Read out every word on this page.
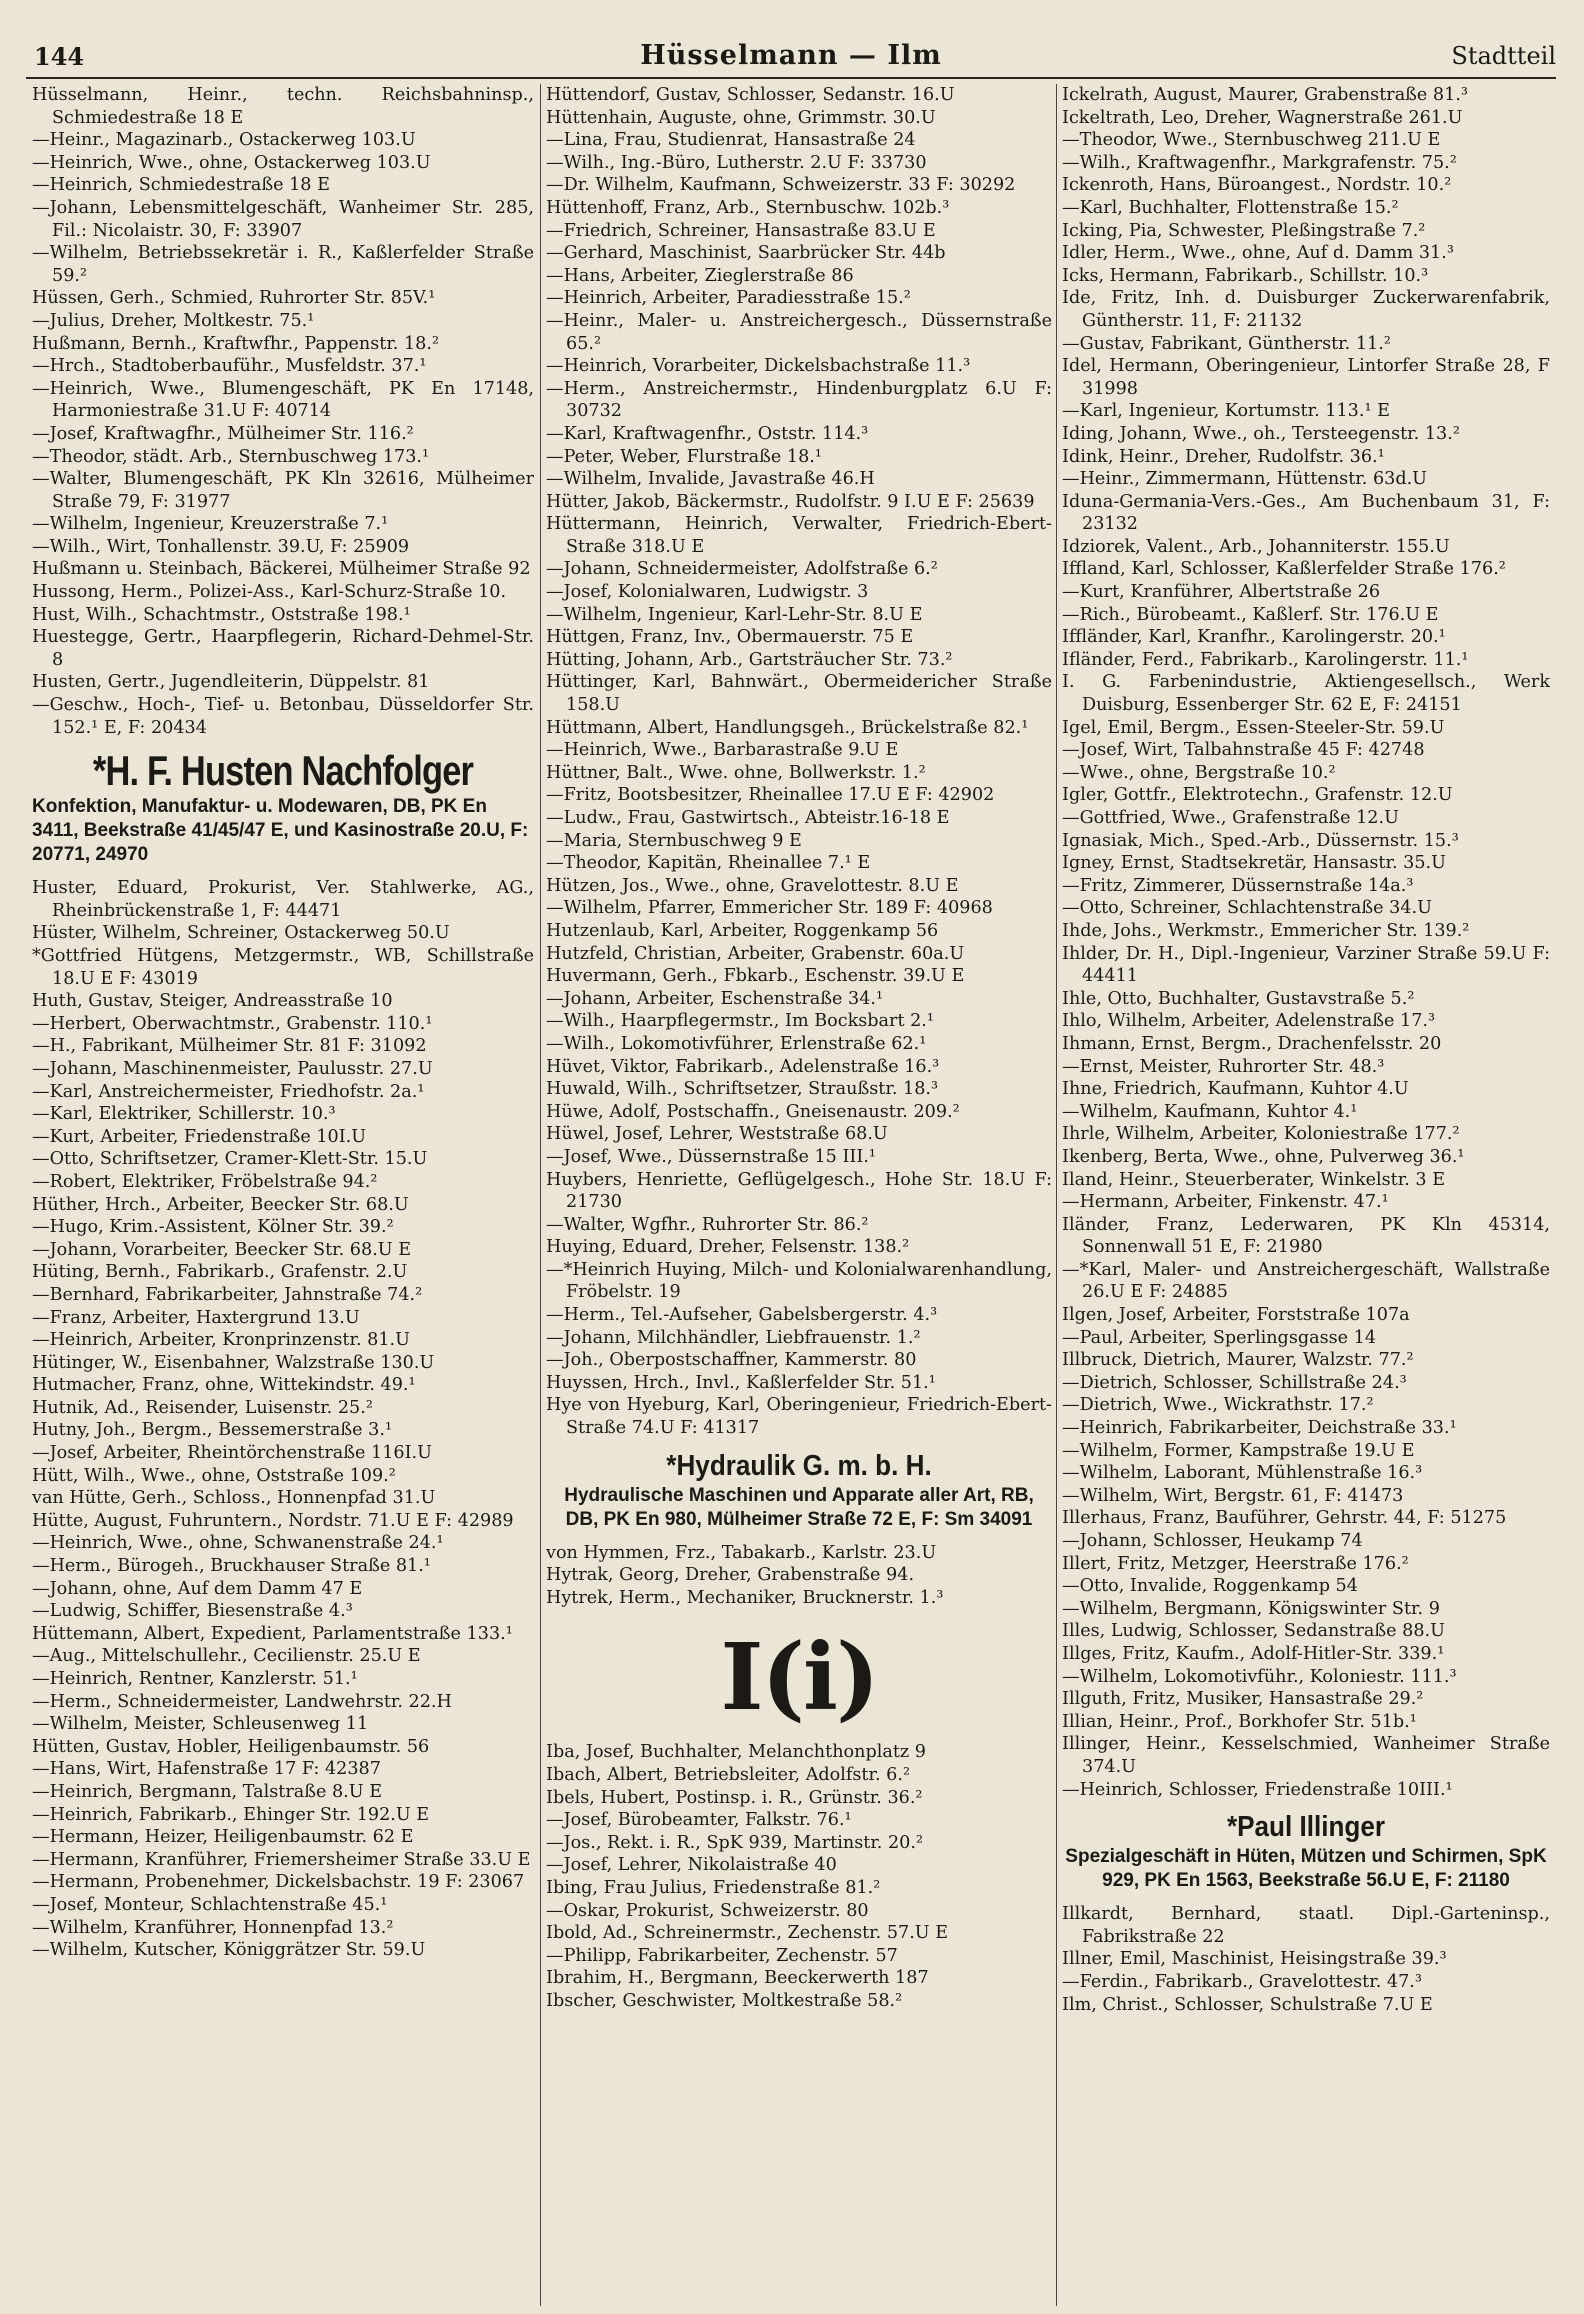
144	Hüsselmann — Ilm	Stadtteil

Hüsselmann, Heinr., techn. Reichsbahninsp., Schmiedestraße 18 E

—Heinr., Magazinarb., Ostackerweg 103.U

—Heinrich, Wwe., ohne, Ostackerweg 103.U

—Heinrich, Schmiedestraße 18 E

—Johann, Lebensmittelgeschäft, Wanheimer Str. 285, Fil.: Nicolaistr. 30, F: 33907

—Wilhelm, Betriebssekretär i. R., Kaßlerfelder Straße 59.²

Hüssen, Gerh., Schmied, Ruhrorter Str. 85V.¹

—Julius, Dreher, Moltkestr. 75.¹

Hußmann, Bernh., Kraftwfhr., Pappenstr. 18.²

—Hrch., Stadtoberbauführ., Musfeldstr. 37.¹

—Heinrich, Wwe., Blumengeschäft, PK En 17148, Harmoniestraße 31.U F: 40714

—Josef, Kraftwagfhr., Mülheimer Str. 116.²

—Theodor, städt. Arb., Sternbuschweg 173.¹

—Walter, Blumengeschäft, PK Kln 32616, Mülheimer Straße 79, F: 31977

—Wilhelm, Ingenieur, Kreuzerstraße 7.¹

—Wilh., Wirt, Tonhallenstr. 39.U, F: 25909

Hußmann u. Steinbach, Bäckerei, Mülheimer Straße 92

Hussong, Herm., Polizei-Ass., Karl-Schurz-Straße 10.

Hust, Wilh., Schachtmstr., Oststraße 198.¹

Huestegge, Gertr., Haarpflegerin, Richard-Dehmel-Str. 8

Husten, Gertr., Jugendleiterin, Düppelstr. 81

—Geschw., Hoch-, Tief- u. Betonbau, Düsseldorfer Str. 152.¹ E, F: 20434

*H. F. Husten Nachfolger
Konfektion, Manufaktur- u. Modewaren, DB, PK En 3411, Beekstraße 41/45/47 E, und Kasinostraße 20.U, F: 20771, 24970

Huster, Eduard, Prokurist, Ver. Stahlwerke, AG., Rheinbrückenstraße 1, F: 44471

Hüster, Wilhelm, Schreiner, Ostackerweg 50.U

*Gottfried Hütgens, Metzgermstr., WB, Schillstraße 18.U E F: 43019

Huth, Gustav, Steiger, Andreasstraße 10

—Herbert, Oberwachtmstr., Grabenstr. 110.¹

—H., Fabrikant, Mülheimer Str. 81 F: 31092

—Johann, Maschinenmeister, Paulusstr. 27.U

—Karl, Anstreichermeister, Friedhofstr. 2a.¹

—Karl, Elektriker, Schillerstr. 10.³

—Kurt, Arbeiter, Friedenstraße 10I.U

—Otto, Schriftsetzer, Cramer-Klett-Str. 15.U

—Robert, Elektriker, Fröbelstraße 94.²

Hüther, Hrch., Arbeiter, Beecker Str. 68.U

—Hugo, Krim.-Assistent, Kölner Str. 39.²

—Johann, Vorarbeiter, Beecker Str. 68.U E

Hüting, Bernh., Fabrikarb., Grafenstr. 2.U

—Bernhard, Fabrikarbeiter, Jahnstraße 74.²

—Franz, Arbeiter, Haxtergrund 13.U

—Heinrich, Arbeiter, Kronprinzenstr. 81.U

Hütinger, W., Eisenbahner, Walzstraße 130.U

Hutmacher, Franz, ohne, Wittekindstr. 49.¹

Hutnik, Ad., Reisender, Luisenstr. 25.²

Hutny, Joh., Bergm., Bessemerstraße 3.¹

—Josef, Arbeiter, Rheintörchenstraße 116I.U

Hütt, Wilh., Wwe., ohne, Oststraße 109.²

van Hütte, Gerh., Schloss., Honnenpfad 31.U

Hütte, August, Fuhruntern., Nordstr. 71.U E F: 42989

—Heinrich, Wwe., ohne, Schwanenstraße 24.¹

—Herm., Bürogeh., Bruckhauser Straße 81.¹

—Johann, ohne, Auf dem Damm 47 E

—Ludwig, Schiffer, Biesenstraße 4.³

Hüttemann, Albert, Expedient, Parlamentstraße 133.¹

—Aug., Mittelschullehr., Cecilienstr. 25.U E

—Heinrich, Rentner, Kanzlerstr. 51.¹

—Herm., Schneidermeister, Landwehrstr. 22.H

—Wilhelm, Meister, Schleusenweg 11

Hütten, Gustav, Hobler, Heiligenbaumstr. 56

—Hans, Wirt, Hafenstraße 17 F: 42387

—Heinrich, Bergmann, Talstraße 8.U E

—Heinrich, Fabrikarb., Ehinger Str. 192.U E

—Hermann, Heizer, Heiligenbaumstr. 62 E

—Hermann, Kranführer, Friemersheimer Straße 33.U E

—Hermann, Probenehmer, Dickelsbachstr. 19 F: 23067

—Josef, Monteur, Schlachtenstraße 45.¹

—Wilhelm, Kranführer, Honnenpfad 13.²

—Wilhelm, Kutscher, Königgrätzer Str. 59.U

Hüttendorf, Gustav, Schlosser, Sedanstr. 16.U

Hüttenhain, Auguste, ohne, Grimmstr. 30.U

—Lina, Frau, Studienrat, Hansastraße 24

—Wilh., Ing.-Büro, Lutherstr. 2.U F: 33730

—Dr. Wilhelm, Kaufmann, Schweizerstr. 33 F: 30292

Hüttenhoff, Franz, Arb., Sternbuschw. 102b.³

—Friedrich, Schreiner, Hansastraße 83.U E

—Gerhard, Maschinist, Saarbrücker Str. 44b

—Hans, Arbeiter, Zieglerstraße 86

—Heinrich, Arbeiter, Paradiesstraße 15.²

—Heinr., Maler- u. Anstreichergesch., Düssernstraße 65.²

—Heinrich, Vorarbeiter, Dickelsbachstraße 11.³

—Herm., Anstreichermstr., Hindenburgplatz 6.U F: 30732

—Karl, Kraftwagenfhr., Oststr. 114.³

—Peter, Weber, Flurstraße 18.¹

—Wilhelm, Invalide, Javastraße 46.H

Hütter, Jakob, Bäckermstr., Rudolfstr. 9 I.U E F: 25639

Hüttermann, Heinrich, Verwalter, Friedrich-Ebert-Straße 318.U E

—Johann, Schneidermeister, Adolfstraße 6.²

—Josef, Kolonialwaren, Ludwigstr. 3

—Wilhelm, Ingenieur, Karl-Lehr-Str. 8.U E

Hüttgen, Franz, Inv., Obermauerstr. 75 E

Hütting, Johann, Arb., Gartsträucher Str. 73.²

Hüttinger, Karl, Bahnwärt., Obermeidericher Straße 158.U

Hüttmann, Albert, Handlungsgeh., Brückelstraße 82.¹

—Heinrich, Wwe., Barbarastraße 9.U E

Hüttner, Balt., Wwe. ohne, Bollwerkstr. 1.²

—Fritz, Bootsbesitzer, Rheinallee 17.U E F: 42902

—Ludw., Frau, Gastwirtsch., Abteistr.16-18 E

—Maria, Sternbuschweg 9 E

—Theodor, Kapitän, Rheinallee 7.¹ E

Hützen, Jos., Wwe., ohne, Gravelottestr. 8.U E

—Wilhelm, Pfarrer, Emmericher Str. 189 F: 40968

Hutzenlaub, Karl, Arbeiter, Roggenkamp 56

Hutzfeld, Christian, Arbeiter, Grabenstr. 60a.U

Huvermann, Gerh., Fbkarb., Eschenstr. 39.U E

—Johann, Arbeiter, Eschenstraße 34.¹

—Wilh., Haarpflegermstr., Im Bocksbart 2.¹

—Wilh., Lokomotivführer, Erlenstraße 62.¹

Hüvet, Viktor, Fabrikarb., Adelenstraße 16.³

Huwald, Wilh., Schriftsetzer, Straußstr. 18.³

Hüwe, Adolf, Postschaffn., Gneisenaustr. 209.²

Hüwel, Josef, Lehrer, Weststraße 68.U

—Josef, Wwe., Düssernstraße 15 III.¹

Huybers, Henriette, Geflügelgesch., Hohe Str. 18.U F: 21730

—Walter, Wgfhr., Ruhrorter Str. 86.²

Huying, Eduard, Dreher, Felsenstr. 138.²

—*Heinrich Huying, Milch- und Kolonialwarenhandlung, Fröbelstr. 19

—Herm., Tel.-Aufseher, Gabelsbergerstr. 4.³

—Johann, Milchhändler, Liebfrauenstr. 1.²

—Joh., Oberpostschaffner, Kammerstr. 80

Huyssen, Hrch., Invl., Kaßlerfelder Str. 51.¹

Hye von Hyeburg, Karl, Oberingenieur, Friedrich-Ebert-Straße 74.U F: 41317

*Hydraulik G. m. b. H.
Hydraulische Maschinen und Apparate aller Art, RB, DB, PK En 980, Mülheimer Straße 72 E, F: Sm 34091

von Hymmen, Frz., Tabakarb., Karlstr. 23.U

Hytrak, Georg, Dreher, Grabenstraße 94.

Hytrek, Herm., Mechaniker, Brucknerstr. 1.³

I(i)

Iba, Josef, Buchhalter, Melanchthonplatz 9

Ibach, Albert, Betriebsleiter, Adolfstr. 6.²

Ibels, Hubert, Postinsp. i. R., Grünstr. 36.²

—Josef, Bürobeamter, Falkstr. 76.¹

—Jos., Rekt. i. R., SpK 939, Martinstr. 20.²

—Josef, Lehrer, Nikolaistraße 40

Ibing, Frau Julius, Friedenstraße 81.²

—Oskar, Prokurist, Schweizerstr. 80

Ibold, Ad., Schreinermstr., Zechenstr. 57.U E

—Philipp, Fabrikarbeiter, Zechenstr. 57

Ibrahim, H., Bergmann, Beeckerwerth 187

Ibscher, Geschwister, Moltkestraße 58.²

Ickelrath, August, Maurer, Grabenstraße 81.³

Ickeltrath, Leo, Dreher, Wagnerstraße 261.U

—Theodor, Wwe., Sternbuschweg 211.U E

—Wilh., Kraftwagenfhr., Markgrafenstr. 75.²

Ickenroth, Hans, Büroangest., Nordstr. 10.²

—Karl, Buchhalter, Flottenstraße 15.²

Icking, Pia, Schwester, Pleßingstraße 7.²

Idler, Herm., Wwe., ohne, Auf d. Damm 31.³

Icks, Hermann, Fabrikarb., Schillstr. 10.³

Ide, Fritz, Inh. d. Duisburger Zuckerwarenfabrik, Güntherstr. 11, F: 21132

—Gustav, Fabrikant, Güntherstr. 11.²

Idel, Hermann, Oberingenieur, Lintorfer Straße 28, F 31998

—Karl, Ingenieur, Kortumstr. 113.¹ E

Iding, Johann, Wwe., oh., Tersteegenstr. 13.²

Idink, Heinr., Dreher, Rudolfstr. 36.¹

—Heinr., Zimmermann, Hüttenstr. 63d.U

Iduna-Germania-Vers.-Ges., Am Buchenbaum 31, F: 23132

Idziorek, Valent., Arb., Johanniterstr. 155.U

Iffland, Karl, Schlosser, Kaßlerfelder Straße 176.²

—Kurt, Kranführer, Albertstraße 26

—Rich., Bürobeamt., Kaßlerf. Str. 176.U E

Iffländer, Karl, Kranfhr., Karolingerstr. 20.¹

Ifländer, Ferd., Fabrikarb., Karolingerstr. 11.¹

I. G. Farbenindustrie, Aktiengesellsch., Werk Duisburg, Essenberger Str. 62 E, F: 24151

Igel, Emil, Bergm., Essen-Steeler-Str. 59.U

—Josef, Wirt, Talbahnstraße 45 F: 42748

—Wwe., ohne, Bergstraße 10.²

Igler, Gottfr., Elektrotechn., Grafenstr. 12.U

—Gottfried, Wwe., Grafenstraße 12.U

Ignasiak, Mich., Sped.-Arb., Düssernstr. 15.³

Igney, Ernst, Stadtsekretär, Hansastr. 35.U

—Fritz, Zimmerer, Düssernstraße 14a.³

—Otto, Schreiner, Schlachtenstraße 34.U

Ihde, Johs., Werkmstr., Emmericher Str. 139.²

Ihlder, Dr. H., Dipl.-Ingenieur, Varziner Straße 59.U F: 44411

Ihle, Otto, Buchhalter, Gustavstraße 5.²

Ihlo, Wilhelm, Arbeiter, Adelenstraße 17.³

Ihmann, Ernst, Bergm., Drachenfelsstr. 20

—Ernst, Meister, Ruhrorter Str. 48.³

Ihne, Friedrich, Kaufmann, Kuhtor 4.U

—Wilhelm, Kaufmann, Kuhtor 4.¹

Ihrle, Wilhelm, Arbeiter, Koloniestraße 177.²

Ikenberg, Berta, Wwe., ohne, Pulverweg 36.¹

Iland, Heinr., Steuerberater, Winkelstr. 3 E

—Hermann, Arbeiter, Finkenstr. 47.¹

Iländer, Franz, Lederwaren, PK Kln 45314, Sonnenwall 51 E, F: 21980

—*Karl, Maler- und Anstreichergeschäft, Wallstraße 26.U E F: 24885

Ilgen, Josef, Arbeiter, Forststraße 107a

—Paul, Arbeiter, Sperlingsgasse 14

Illbruck, Dietrich, Maurer, Walzstr. 77.²

—Dietrich, Schlosser, Schillstraße 24.³

—Dietrich, Wwe., Wickrathstr. 17.²

—Heinrich, Fabrikarbeiter, Deichstraße 33.¹

—Wilhelm, Former, Kampstraße 19.U E

—Wilhelm, Laborant, Mühlenstraße 16.³

—Wilhelm, Wirt, Bergstr. 61, F: 41473

Illerhaus, Franz, Bauführer, Gehrstr. 44, F: 51275

—Johann, Schlosser, Heukamp 74

Illert, Fritz, Metzger, Heerstraße 176.²

—Otto, Invalide, Roggenkamp 54

—Wilhelm, Bergmann, Königswinter Str. 9

Illes, Ludwig, Schlosser, Sedanstraße 88.U

Illges, Fritz, Kaufm., Adolf-Hitler-Str. 339.¹

—Wilhelm, Lokomotivführ., Koloniestr. 111.³

Illguth, Fritz, Musiker, Hansastraße 29.²

Illian, Heinr., Prof., Borkhofer Str. 51b.¹

Illinger, Heinr., Kesselschmied, Wanheimer Straße 374.U

—Heinrich, Schlosser, Friedenstraße 10III.¹

*Paul Illinger
Spezialgeschäft in Hüten, Mützen und Schirmen, SpK 929, PK En 1563, Beekstraße 56.U E, F: 21180

Illkardt, Bernhard, staatl. Dipl.-Garteninsp., Fabrikstraße 22

Illner, Emil, Maschinist, Heisingstraße 39.³

—Ferdin., Fabrikarb., Gravelottestr. 47.³

Ilm, Christ., Schlosser, Schulstraße 7.U E
